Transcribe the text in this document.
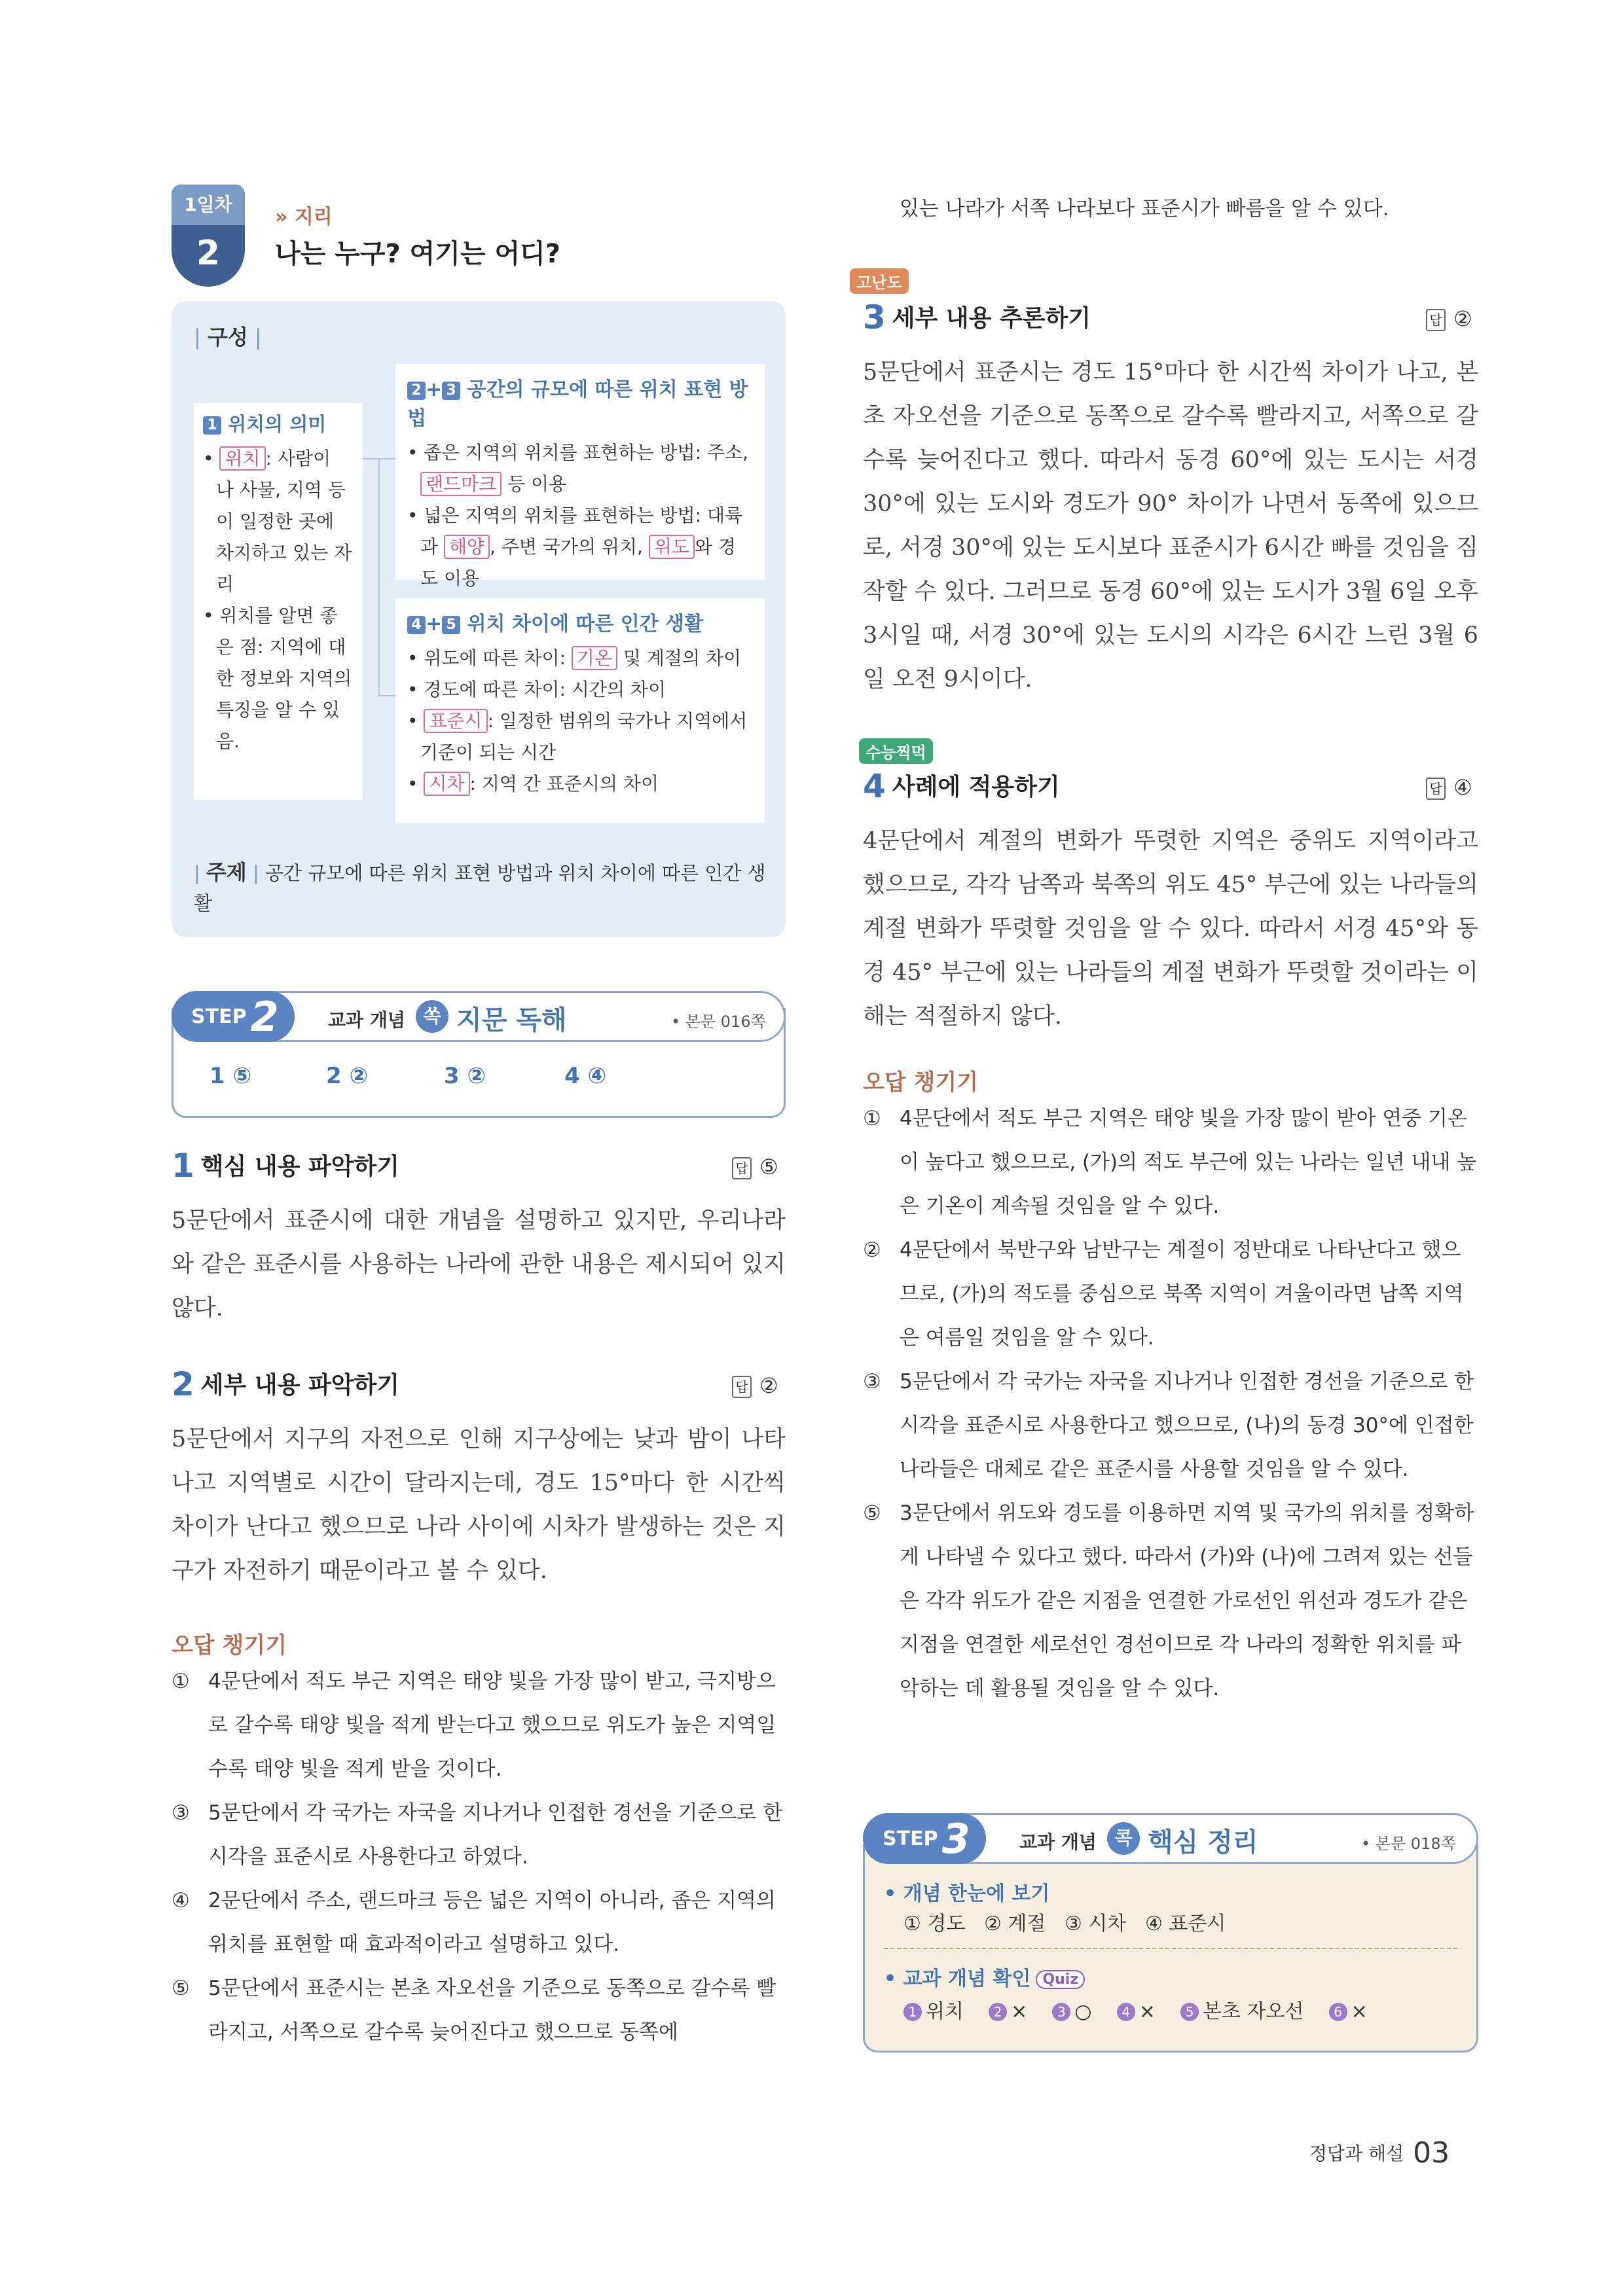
1일차
2
» 지리
나는 누구? 여기는 어디?
| 구성 |
1 위치의 의미
• 위치 : 사람이 나 사물, 지역 등이 일정한 곳에 차지하고 있는 자리
• 위치를 알면 좋은 점: 지역에 대한 정보와 지역의 특징을 알 수 있음.
2 + 3 공간의 규모에 따른 위치 표현 방법
• 좁은 지역의 위치를 표현하는 방법: 주소, 랜드마크 등 이용
• 넓은 지역의 위치를 표현하는 방법: 대륙과 해양 , 주변 국가의 위치, 위도 와 경도 이용
4 + 5 위치 차이에 따른 인간 생활
• 위도에 따른 차이: 기온 및 계절의 차이
• 경도에 따른 차이: 시간의 차이
• 표준시 : 일정한 범위의 국가나 지역에서 기준이 되는 시간
• 시차 : 지역 간 표준시의 차이
| 주제 | 공간 규모에 따른 위치 표현 방법과 위치 차이에 따른 인간 생활
STEP 2	교과 개념 쏙 지문 독해	• 본문 016쪽
1 ⑤	2 ②	3 ②	4 ④
1 핵심 내용 파악하기	답 ⑤
5문단에서 표준시에 대한 개념을 설명하고 있지만, 우리나라와 같은 표준시를 사용하는 나라에 관한 내용은 제시되어 있지 않다.
2 세부 내용 파악하기	답 ②
5문단에서 지구의 자전으로 인해 지구상에는 낮과 밤이 나타나고 지역별로 시간이 달라지는데, 경도 15°마다 한 시간씩 차이가 난다고 했으므로 나라 사이에 시차가 발생하는 것은 지구가 자전하기 때문이라고 볼 수 있다.
오답 챙기기
① 4문단에서 적도 부근 지역은 태양 빛을 가장 많이 받고, 극지방으로 갈수록 태양 빛을 적게 받는다고 했으므로 위도가 높은 지역일수록 태양 빛을 적게 받을 것이다.
③ 5문단에서 각 국가는 자국을 지나거나 인접한 경선을 기준으로 한 시각을 표준시로 사용한다고 하였다.
④ 2문단에서 주소, 랜드마크 등은 넓은 지역이 아니라, 좁은 지역의 위치를 표현할 때 효과적이라고 설명하고 있다.
⑤ 5문단에서 표준시는 본초 자오선을 기준으로 동쪽으로 갈수록 빨라지고, 서쪽으로 갈수록 늦어진다고 했으므로 동쪽에
있는 나라가 서쪽 나라보다 표준시가 빠름을 알 수 있다.
고난도
3 세부 내용 추론하기	답 ②
5문단에서 표준시는 경도 15°마다 한 시간씩 차이가 나고, 본초 자오선을 기준으로 동쪽으로 갈수록 빨라지고, 서쪽으로 갈수록 늦어진다고 했다. 따라서 동경 60°에 있는 도시는 서경 30°에 있는 도시와 경도가 90° 차이가 나면서 동쪽에 있으므로, 서경 30°에 있는 도시보다 표준시가 6시간 빠를 것임을 짐작할 수 있다. 그러므로 동경 60°에 있는 도시가 3월 6일 오후 3시일 때, 서경 30°에 있는 도시의 시각은 6시간 느린 3월 6일 오전 9시이다.
수능찍먹
4 사례에 적용하기	답 ④
4문단에서 계절의 변화가 뚜렷한 지역은 중위도 지역이라고 했으므로, 각각 남쪽과 북쪽의 위도 45° 부근에 있는 나라들의 계절 변화가 뚜렷할 것임을 알 수 있다. 따라서 서경 45°와 동경 45° 부근에 있는 나라들의 계절 변화가 뚜렷할 것이라는 이해는 적절하지 않다.
오답 챙기기
① 4문단에서 적도 부근 지역은 태양 빛을 가장 많이 받아 연중 기온이 높다고 했으므로, (가)의 적도 부근에 있는 나라는 일년 내내 높은 기온이 계속될 것임을 알 수 있다.
② 4문단에서 북반구와 남반구는 계절이 정반대로 나타난다고 했으므로, (가)의 적도를 중심으로 북쪽 지역이 겨울이라면 남쪽 지역은 여름일 것임을 알 수 있다.
③ 5문단에서 각 국가는 자국을 지나거나 인접한 경선을 기준으로 한 시각을 표준시로 사용한다고 했으므로, (나)의 동경 30°에 인접한 나라들은 대체로 같은 표준시를 사용할 것임을 알 수 있다.
⑤ 3문단에서 위도와 경도를 이용하면 지역 및 국가의 위치를 정확하게 나타낼 수 있다고 했다. 따라서 (가)와 (나)에 그려져 있는 선들은 각각 위도가 같은 지점을 연결한 가로선인 위선과 경도가 같은 지점을 연결한 세로선인 경선이므로 각 나라의 정확한 위치를 파악하는 데 활용될 것임을 알 수 있다.
STEP 3	교과 개념 콕 핵심 정리	• 본문 018쪽
• 개념 한눈에 보기
① 경도   ② 계절   ③ 시차   ④ 표준시
• 교과 개념 확인 Quiz
1 위치 2 × 3 ○ 4 × 5 본초 자오선 6 ×
정답과 해설 03
